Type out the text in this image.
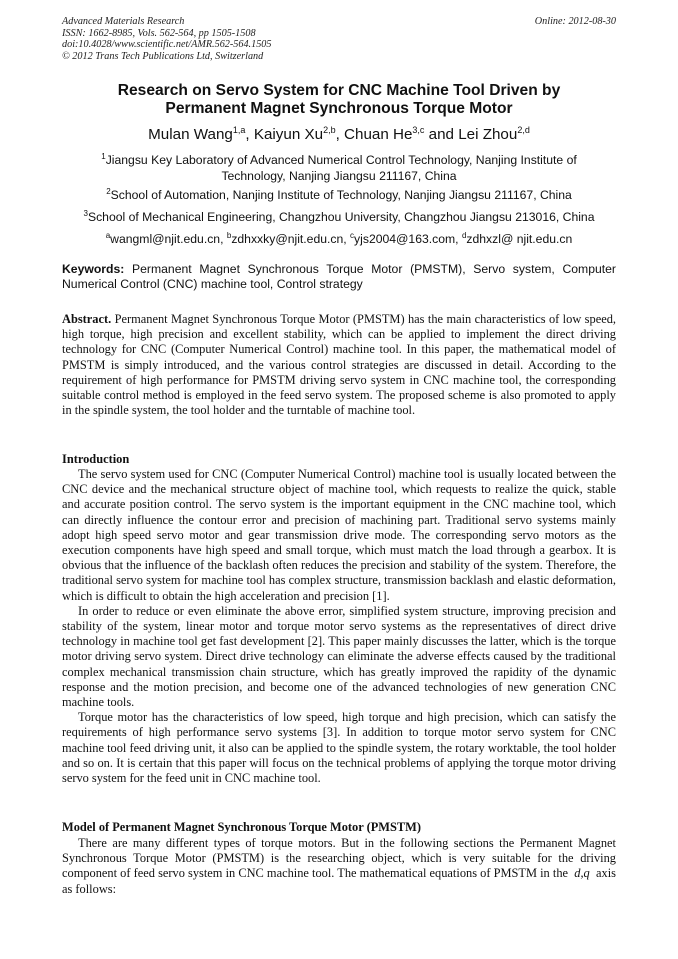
Advanced Materials Research
ISSN: 1662-8985, Vols. 562-564, pp 1505-1508
doi:10.4028/www.scientific.net/AMR.562-564.1505
© 2012 Trans Tech Publications Ltd, Switzerland
Online: 2012-08-30
Research on Servo System for CNC Machine Tool Driven by
Permanent Magnet Synchronous Torque Motor
Mulan Wang$^{1,a}$, Kaiyun Xu$^{2,b}$, Chuan He$^{3,c}$ and Lei Zhou$^{2,d}$
$^1$Jiangsu Key Laboratory of Advanced Numerical Control Technology, Nanjing Institute of
Technology, Nanjing Jiangsu 211167, China
$^2$School of Automation, Nanjing Institute of Technology, Nanjing Jiangsu 211167, China
$^3$School of Mechanical Engineering, Changzhou University, Changzhou Jiangsu 213016, China
$^a$wangml@njit.edu.cn, $^b$zdhxxky@njit.edu.cn, $^c$yjs2004@163.com, $^d$zdhxzl@ njit.edu.cn
Keywords: Permanent Magnet Synchronous Torque Motor (PMSTM), Servo system, Computer Numerical Control (CNC) machine tool, Control strategy
Abstract. Permanent Magnet Synchronous Torque Motor (PMSTM) has the main characteristics of low speed, high torque, high precision and excellent stability, which can be applied to implement the direct driving technology for CNC (Computer Numerical Control) machine tool. In this paper, the mathematical model of PMSTM is simply introduced, and the various control strategies are discussed in detail. According to the requirement of high performance for PMSTM driving servo system in CNC machine tool, the corresponding suitable control method is employed in the feed servo system. The proposed scheme is also promoted to apply in the spindle system, the tool holder and the turntable of machine tool.
Introduction

The servo system used for CNC (Computer Numerical Control) machine tool is usually located between the CNC device and the mechanical structure object of machine tool, which requests to realize the quick, stable and accurate position control. The servo system is the important equipment in the CNC machine tool, which can directly influence the contour error and precision of machining part. Traditional servo systems mainly adopt high speed servo motor and gear transmission drive mode. The corresponding servo motors as the execution components have high speed and small torque, which must match the load through a gearbox. It is obvious that the influence of the backlash often reduces the precision and stability of the system. Therefore, the traditional servo system for machine tool has complex structure, transmission backlash and elastic deformation, which is difficult to obtain the high acceleration and precision [1].

In order to reduce or even eliminate the above error, simplified system structure, improving precision and stability of the system, linear motor and torque motor servo systems as the representatives of direct drive technology in machine tool get fast development [2]. This paper mainly discusses the latter, which is the torque motor driving servo system. Direct drive technology can eliminate the adverse effects caused by the traditional complex mechanical transmission chain structure, which has greatly improved the rapidity of the dynamic response and the motion precision, and become one of the advanced technologies of new generation CNC machine tools.

Torque motor has the characteristics of low speed, high torque and high precision, which can satisfy the requirements of high performance servo systems [3]. In addition to torque motor servo system for CNC machine tool feed driving unit, it also can be applied to the spindle system, the rotary worktable, the tool holder and so on. It is certain that this paper will focus on the technical problems of applying the torque motor driving servo system for the feed unit in CNC machine tool.

Model of Permanent Magnet Synchronous Torque Motor (PMSTM)

There are many different types of torque motors. But in the following sections the Permanent Magnet Synchronous Torque Motor (PMSTM) is the researching object, which is very suitable for the driving component of feed servo system in CNC machine tool. The mathematical equations of PMSTM in the d,q axis as follows:
